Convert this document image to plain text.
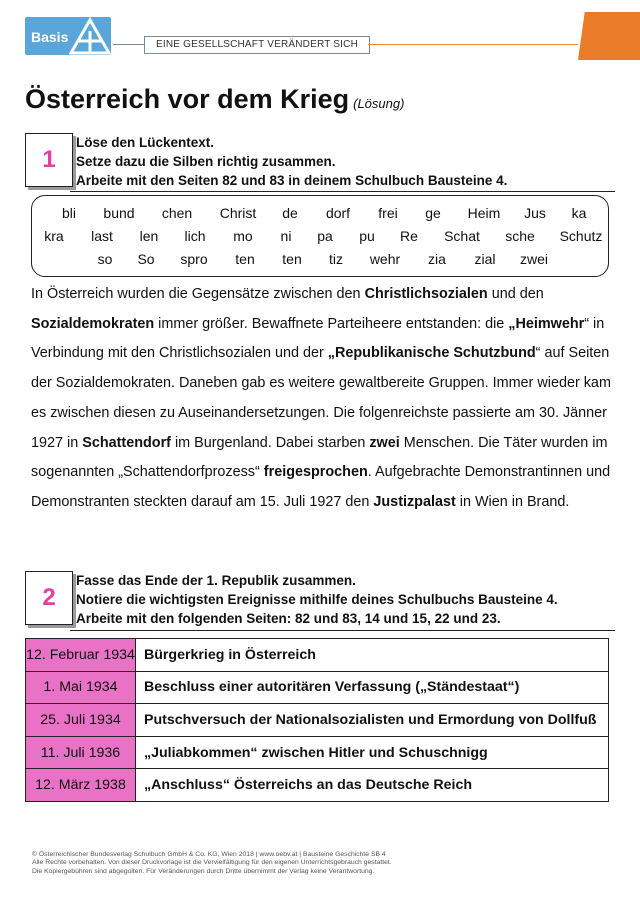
Basis	EINE GESELLSCHAFT VERÄNDERT SICH
Österreich vor dem Krieg (Lösung)
1
Löse den Lückentext.
Setze dazu die Silben richtig zusammen.
Arbeite mit den Seiten 82 und 83 in deinem Schulbuch Bausteine 4.
bli bund chen Christ de dorf frei ge Heim Jus ka
kra last len lich mo ni pa pu Re Schat sche Schutz
so So spro ten ten tiz wehr zia zial zwei
In Österreich wurden die Gegensätze zwischen den Christlichsozialen und den Sozialdemokraten immer größer. Bewaffnete Parteiheere entstanden: die „Heimwehr“ in Verbindung mit den Christlichsozialen und der „Republikanische Schutzbund“ auf Seiten der Sozialdemokraten. Daneben gab es weitere gewaltbereite Gruppen. Immer wieder kam es zwischen diesen zu Auseinandersetzungen. Die folgenreichste passierte am 30. Jänner 1927 in Schattendorf im Burgenland. Dabei starben zwei Menschen. Die Täter wurden im sogenannten „Schattendorfprozess“ freigesprochen. Aufgebrachte Demonstrantinnen und Demonstranten steckten darauf am 15. Juli 1927 den Justizpalast in Wien in Brand.
2
Fasse das Ende der 1. Republik zusammen.
Notiere die wichtigsten Ereignisse mithilfe deines Schulbuchs Bausteine 4.
Arbeite mit den folgenden Seiten: 82 und 83, 14 und 15, 22 und 23.
12. Februar 1934	Bürgerkrieg in Österreich
1. Mai 1934	Beschluss einer autoritären Verfassung („Ständestaat“)
25. Juli 1934	Putschversuch der Nationalsozialisten und Ermordung von Dollfuß
11. Juli 1936	„Juliabkommen“ zwischen Hitler und Schuschnigg
12. März 1938	„Anschluss“ Österreichs an das Deutsche Reich
© Österreichischer Bundesverlag Schulbuch GmbH & Co. KG, Wien 2018 | www.oebv.at | Bausteine Geschichte SB 4
Alle Rechte vorbehalten. Von dieser Druckvorlage ist die Vervielfältigung für den eigenen Unterrichtsgebrauch gestattet.
Die Kopiergebühren sind abgegolten. Für Veränderungen durch Dritte übernimmt der Verlag keine Verantwortung.
